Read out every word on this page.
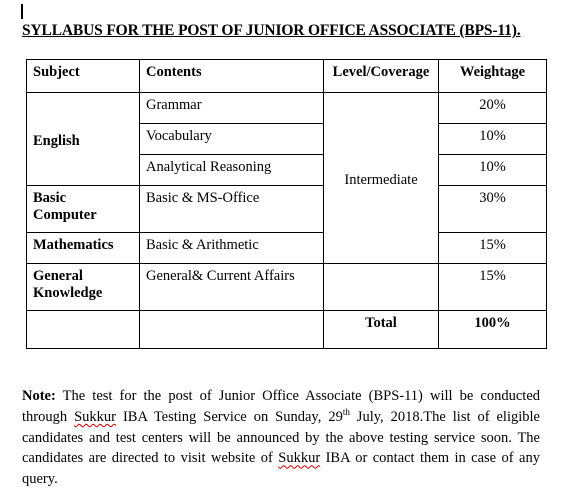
SYLLABUS FOR THE POST OF JUNIOR OFFICE ASSOCIATE (BPS-11).
Subject	Contents	Level/Coverage	Weightage
English	Grammar	Intermediate	20%
	Vocabulary		10%
	Analytical Reasoning		10%
Basic Computer	Basic & MS-Office		30%
Mathematics	Basic & Arithmetic		15%
General Knowledge	General& Current Affairs		15%
		Total	100%
Note: The test for the post of Junior Office Associate (BPS-11) will be conducted through Sukkur IBA Testing Service on Sunday, 29th July, 2018.The list of eligible candidates and test centers will be announced by the above testing service soon. The candidates are directed to visit website of Sukkur IBA or contact them in case of any query.
